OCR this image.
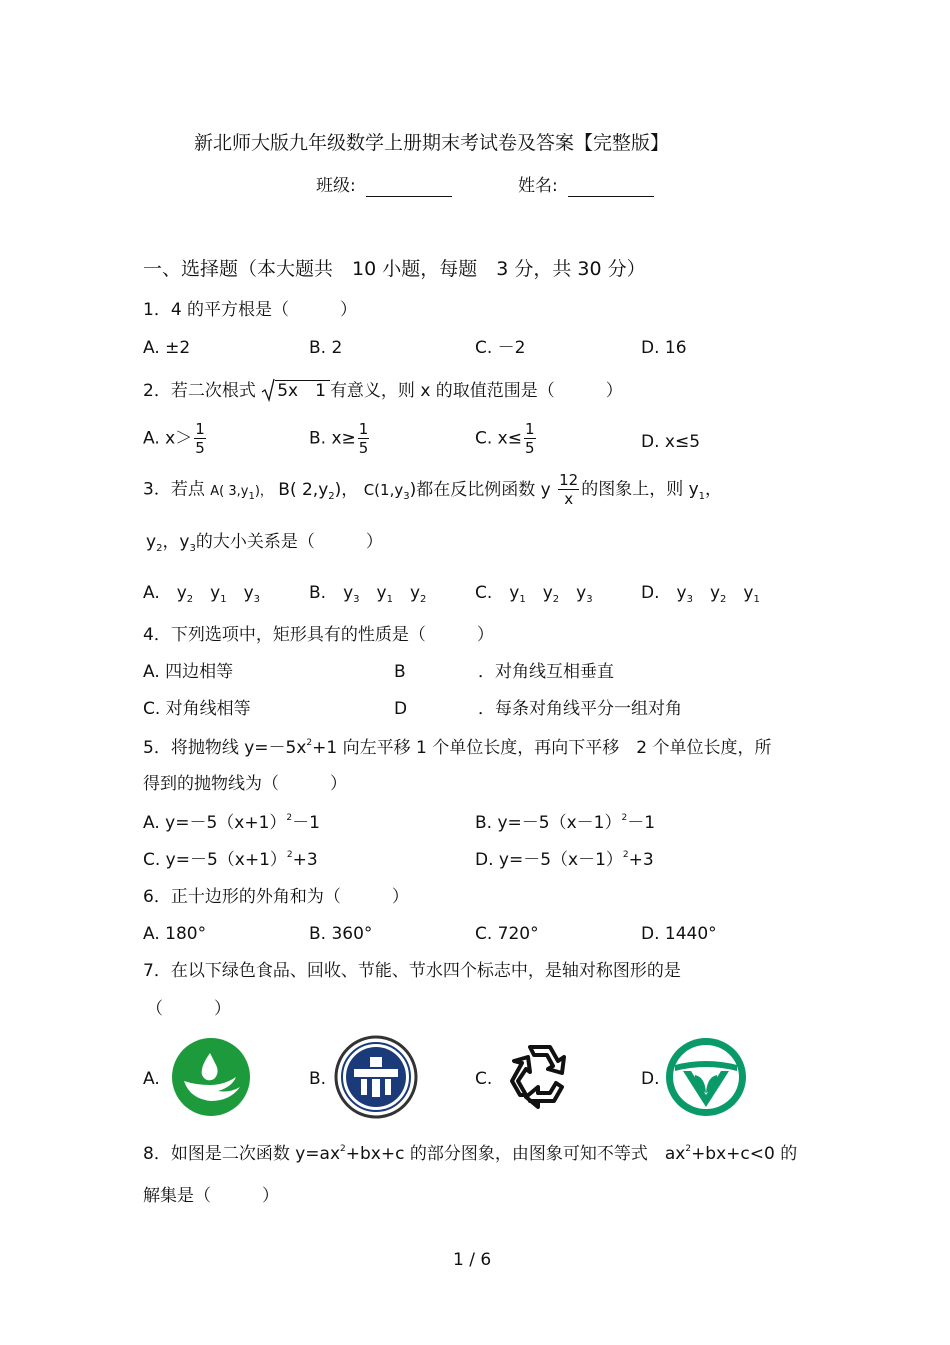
新北师大版九年级数学上册期末考试卷及答案【完整版】
班级:	姓名:
一、选择题（本大题共　10 小题，每题　3 分，共 30 分）
1．4 的平方根是（　　　）
A. ±2	B. 2	C. －2	D. 16
2．若二次根式 5x　1 有意义，则 x 的取值范围是（　　　）
A. $x> \frac{1}{5}$	B. $x\ge \frac{1}{5}$	C. $x\le \frac{1}{5}$	D. x≤5
3．若点 A( $3,y_1$)， B( $2,y_2$)， $C(1,y_3)$都在反比例函数 y $\frac{12}{x}$ 的图象上，则 $y_1$，
$y_2$，$y_3$的大小关系是（　　　）
A.　 $y_2$　 $y_1$　 $y_3$	B.　 $y_3$　 $y_1$　 $y_2$	C.　 $y_1$　 $y_2$　 $y_3$	D.　 $y_3$　 $y_2$　 $y_1$
4．下列选项中，矩形具有的性质是（　　　）
A. 四边相等	B	．对角线互相垂直
C. 对角线相等	D	．每条对角线平分一组对角
5．将抛物线 $y=-5x^2+1$ 向左平移 1 个单位长度，再向下平移　2 个单位长度，所
得到的抛物线为（　　　）
A. $y=-5(x+1)^2-1$	B. $y=-5(x-1)^2-1$
C. $y=-5(x+1)^2+3$	D. $y=-5(x-1)^2+3$
6．正十边形的外角和为（　　　）
A. 180°	B. 360°	C. 720°	D. 1440°
7．在以下绿色食品、回收、节能、节水四个标志中，是轴对称图形的是
（　　　）
A.	B.	C.	D.
8．如图是二次函数 $y=ax^2+bx+c$ 的部分图象，由图象可知不等式　$ax^2+bx+c<0$ 的
解集是（　　　）
1 / 6
